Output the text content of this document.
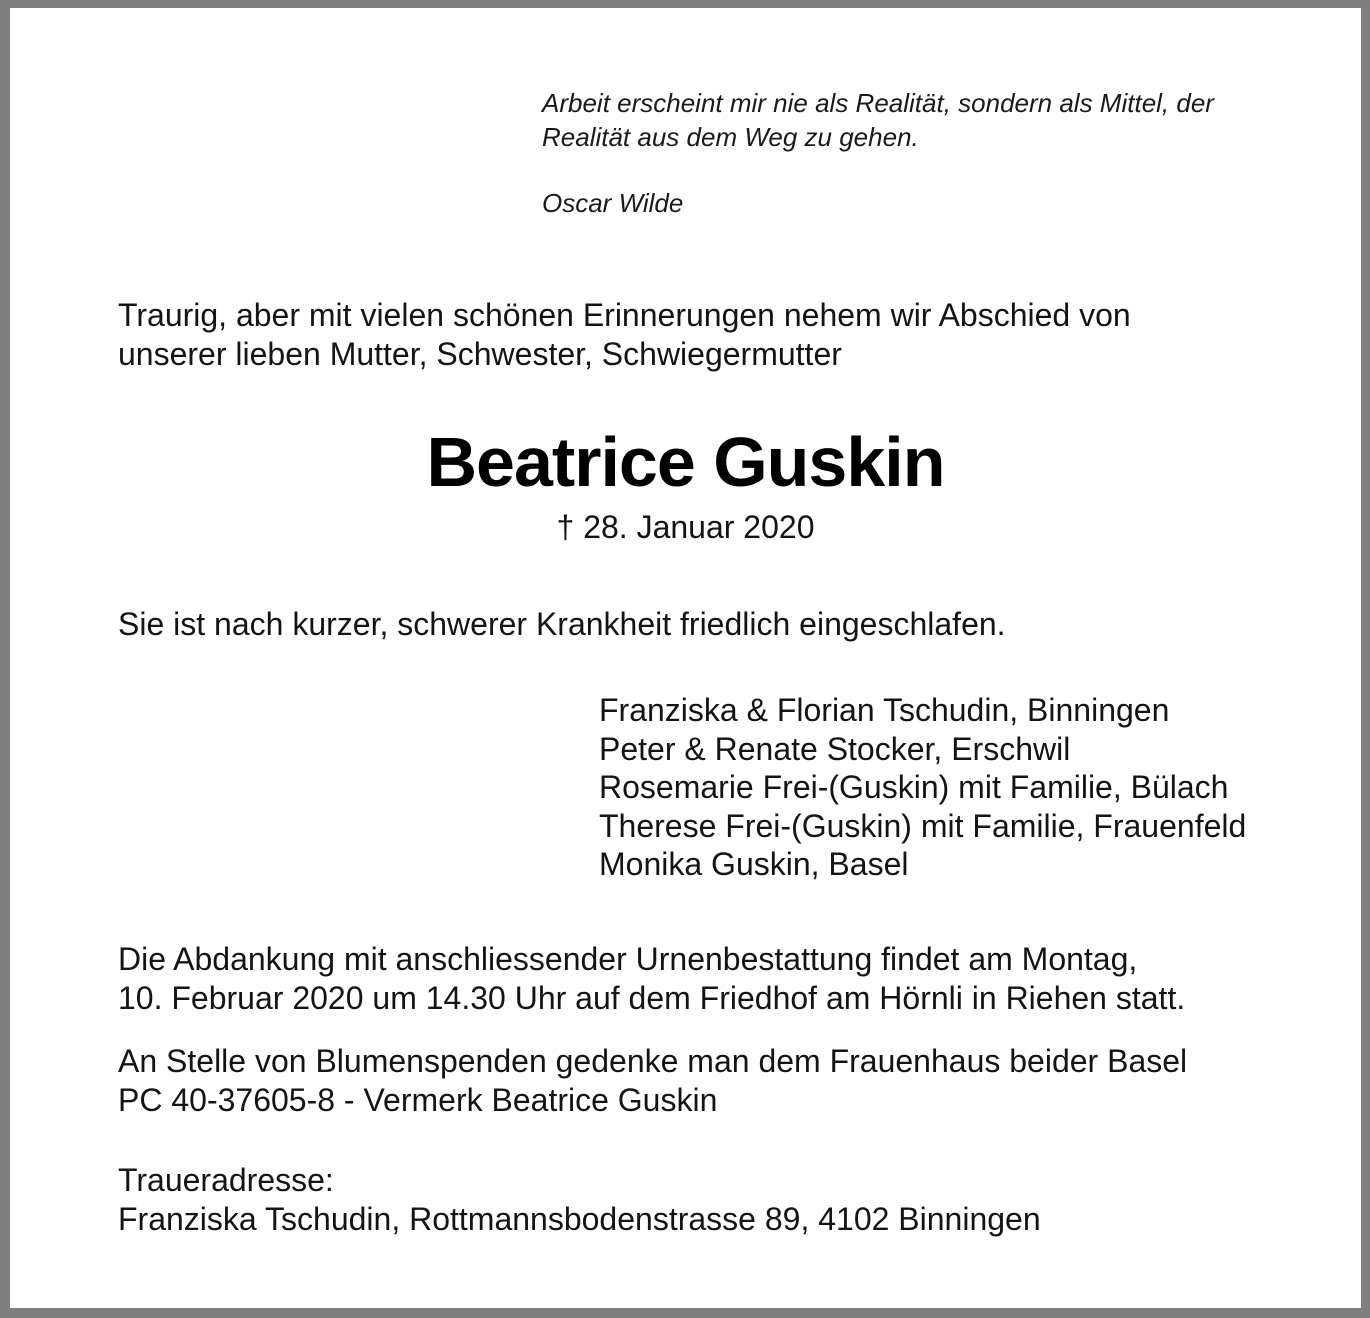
Arbeit erscheint mir nie als Realität, sondern als Mittel, der
Realität aus dem Weg zu gehen.
Oscar Wilde
Traurig, aber mit vielen schönen Erinnerungen nehem wir Abschied von
unserer lieben Mutter, Schwester, Schwiegermutter
Beatrice Guskin
† 28. Januar 2020
Sie ist nach kurzer, schwerer Krankheit friedlich eingeschlafen.
Franziska & Florian Tschudin, Binningen
Peter & Renate Stocker, Erschwil
Rosemarie Frei-(Guskin) mit Familie, Bülach
Therese Frei-(Guskin) mit Familie, Frauenfeld
Monika Guskin, Basel
Die Abdankung mit anschliessender Urnenbestattung findet am Montag,
10. Februar 2020 um 14.30 Uhr auf dem Friedhof am Hörnli in Riehen statt.
An Stelle von Blumenspenden gedenke man dem Frauenhaus beider Basel
PC 40-37605-8 - Vermerk Beatrice Guskin
Traueradresse:
Franziska Tschudin, Rottmannsbodenstrasse 89, 4102 Binningen
